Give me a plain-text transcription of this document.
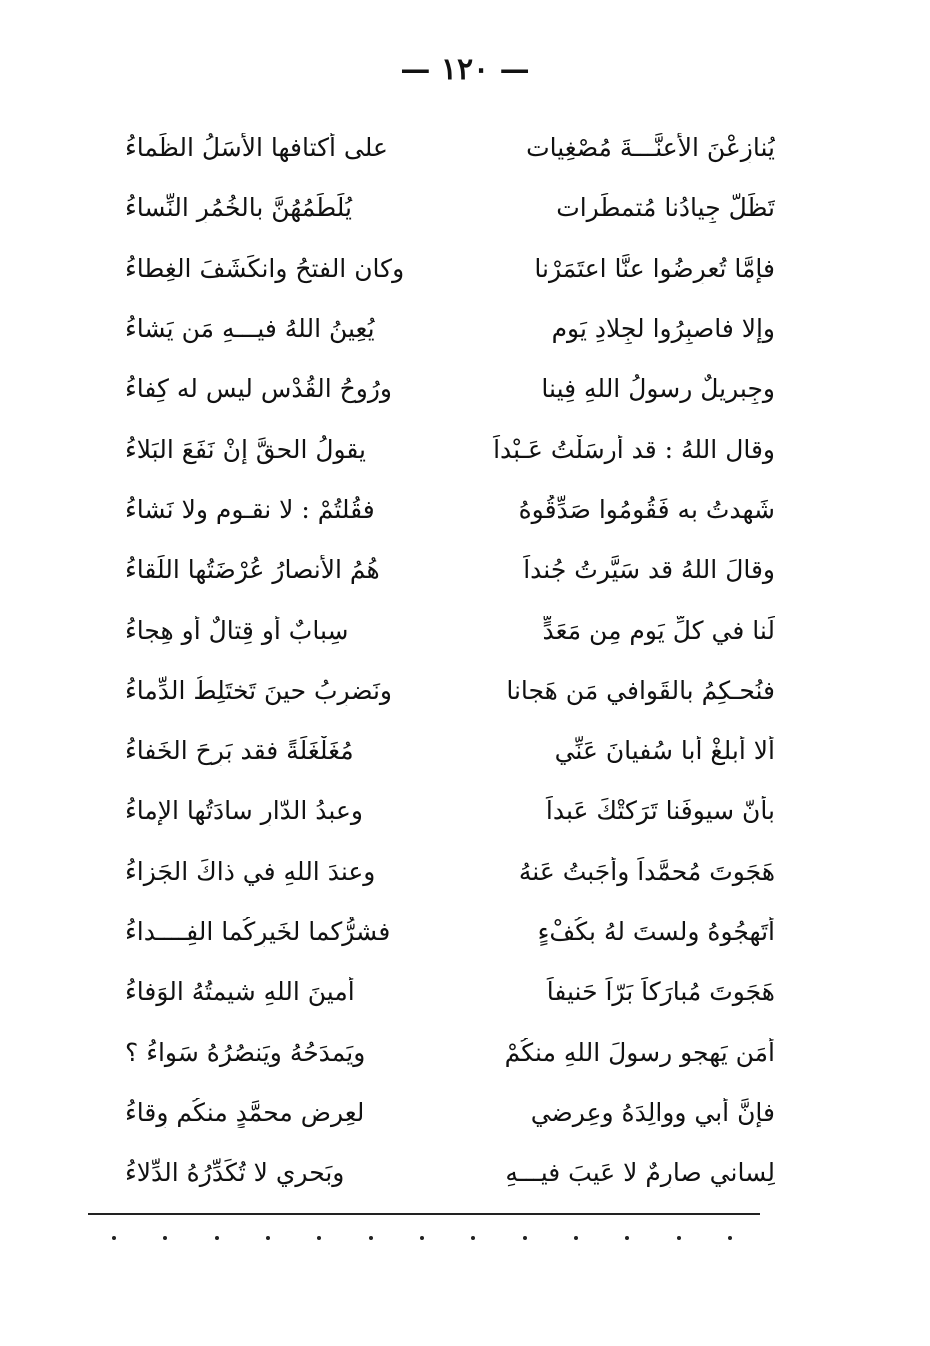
— ١٢٠ —
يُنازِعْنَ الأعنَّـــةَ مُصْغِيات
على أكتافها الأَسَلُ الظِّماءُ
تَظَلُّ جِيادُنا مُتمطِّرات
يُلَطِّمُهُنَّ بالخُمُرِ النِّساءُ
فإمَّا تُعرِضُوا عنَّا اعتَمَرْنا
وكان الفتحُ وانكَشَفَ الغِطاءُ
وإلا فاصبِرُوا لجِلادِ يَومٍ
يُعِينُ اللهُ فيـــهِ مَن يَشاءُ
وجِبريلٌ رسولُ اللهِ فِينا
ورُوحُ القُدْسِ ليس له كِفاءُ
وقال اللهُ : قد أرسَلْتُ عَـبْداً
يقولُ الحقَّ إنْ نَفَعَ البَلاءُ
شَهِدتُ به فَقُومُوا صَدِّقُوهُ
فقُلتُمْ : لا نقـوم ولا نَشاءُ
وقالَ اللهُ قد سَيَّرتُ جُنداً
هُمُ الأنصارُ عُرْضَتُها اللِّقاءُ
لَنا في كلِّ يَومٍ مِن مَعَدٍّ
سِبابٌ أو قِتالٌ أو هِجاءُ
فنُحـكِمُ بالقَوافي مَن هَجانا
ونَضرِبُ حينَ تَختَلِطُ الدِّماءُ
ألا أبلغْ أبا سُفيانَ عَنِّي
مُغَلْغَلَةً فقد بَرِحَ الخَفاءُ
بأنّ سيوفَنا تَرَكتْكَ عَبداً
وعبدُ الدّارِ سادَتُها الإماءُ
هَجَوتَ مُحمَّداً وأجَبتُ عَنهُ
وعندَ اللهِ في ذاكَ الجَزاءُ
أتَهجُوهُ ولستَ لهُ بكُفْءٍ
فشرُّكما لخَيرِكُما الفِــــداءُ
هَجَوتَ مُبارَكاً بَرّاً حَنيفاً
أمينَ اللهِ شيمتُهُ الوَفاءُ
أمَن يَهجو رسولَ اللهِ منكُمْ
ويَمدَحُهُ ويَنصُرُهُ سَواءُ ؟
فإنَّ أبي ووالِدَهُ وعِرضي
لعِرضِ محمَّدٍ منكُم وِقاءُ
لِساني صارِمٌ لا عَيبَ فيـــهِ
وبَحري لا تُكَدِّرُهُ الدِّلاءُ
